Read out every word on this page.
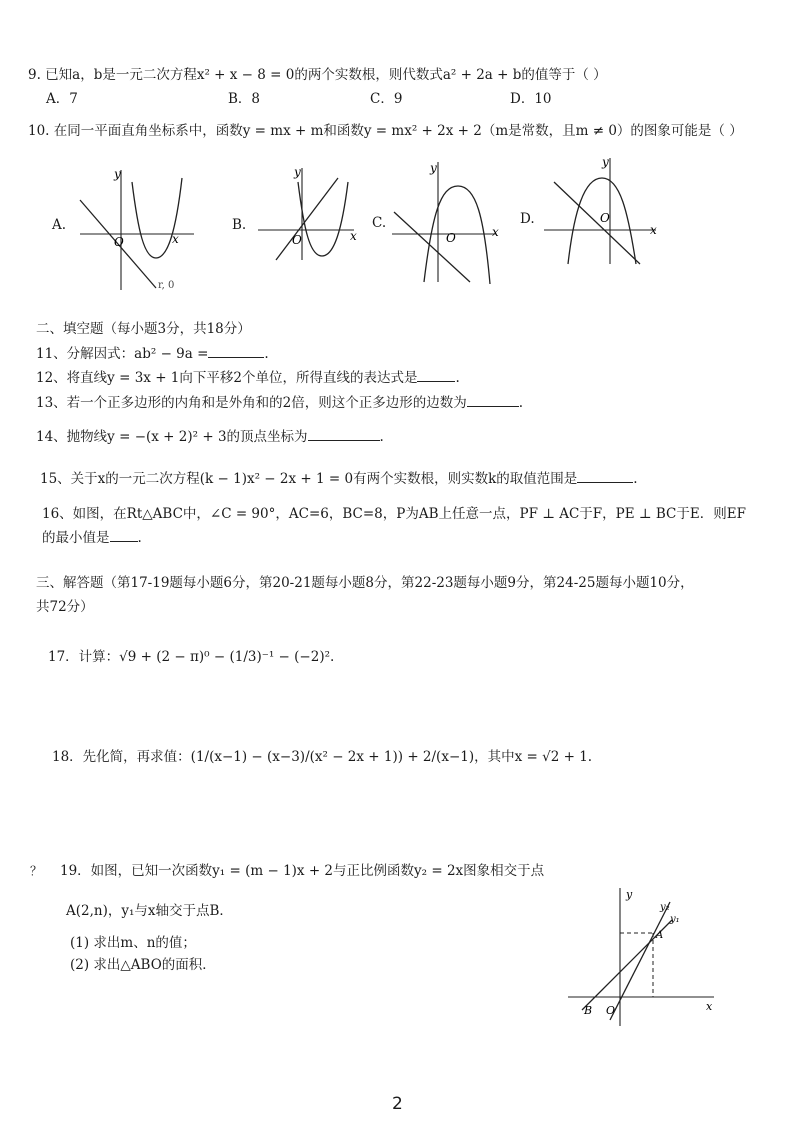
9. 已知a，b是一元二次方程x² + x − 8 = 0的两个实数根，则代数式a² + 2a + b的值等于（ ）
A．7	B．8	C．9	D．10
10. 在同一平面直角坐标系中，函数y = mx + m和函数y = mx² + 2x + 2（m是常数，且m ≠ 0）的图象可能是（ ）
A.
y
x
O
r, 0
B.
y
x
O
C.
y
x
O
D.
y
x
O
二、填空题（每小题3分，共18分）
11、分解因式：ab² − 9a =	.
12、将直线y = 3x + 1向下平移2个单位，所得直线的表达式是	.
13、若一个正多边形的内角和是外角和的2倍，则这个正多边形的边数为	.
14、抛物线y = −(x + 2)² + 3的顶点坐标为	.
15、关于x的一元二次方程(k − 1)x² − 2x + 1 = 0有两个实数根，则实数k的取值范围是	.
16、如图，在Rt△ABC中，∠C = 90°，AC=6，BC=8，P为AB上任意一点，PF ⊥ AC于F，PE ⊥ BC于E．则EF
的最小值是 .
三、解答题（第17-19题每小题6分，第20-21题每小题8分，第22-23题每小题9分，第24-25题每小题10分，
共72分）
17．计算：√9 + (2 − π)⁰ − (1/3)⁻¹ − (−2)².
18．先化简，再求值：(1/(x−1) − (x−3)/(x² − 2x + 1)) + 2/(x−1)，其中x = √2 + 1.
？ 19．如图，已知一次函数y₁ = (m − 1)x + 2与正比例函数y₂ = 2x图象相交于点
A(2,n)，y₁与x轴交于点B．
(1) 求出m、n的值；
(2) 求出△ABO的面积．
y
x
y₂
y₁
A
B O
2
